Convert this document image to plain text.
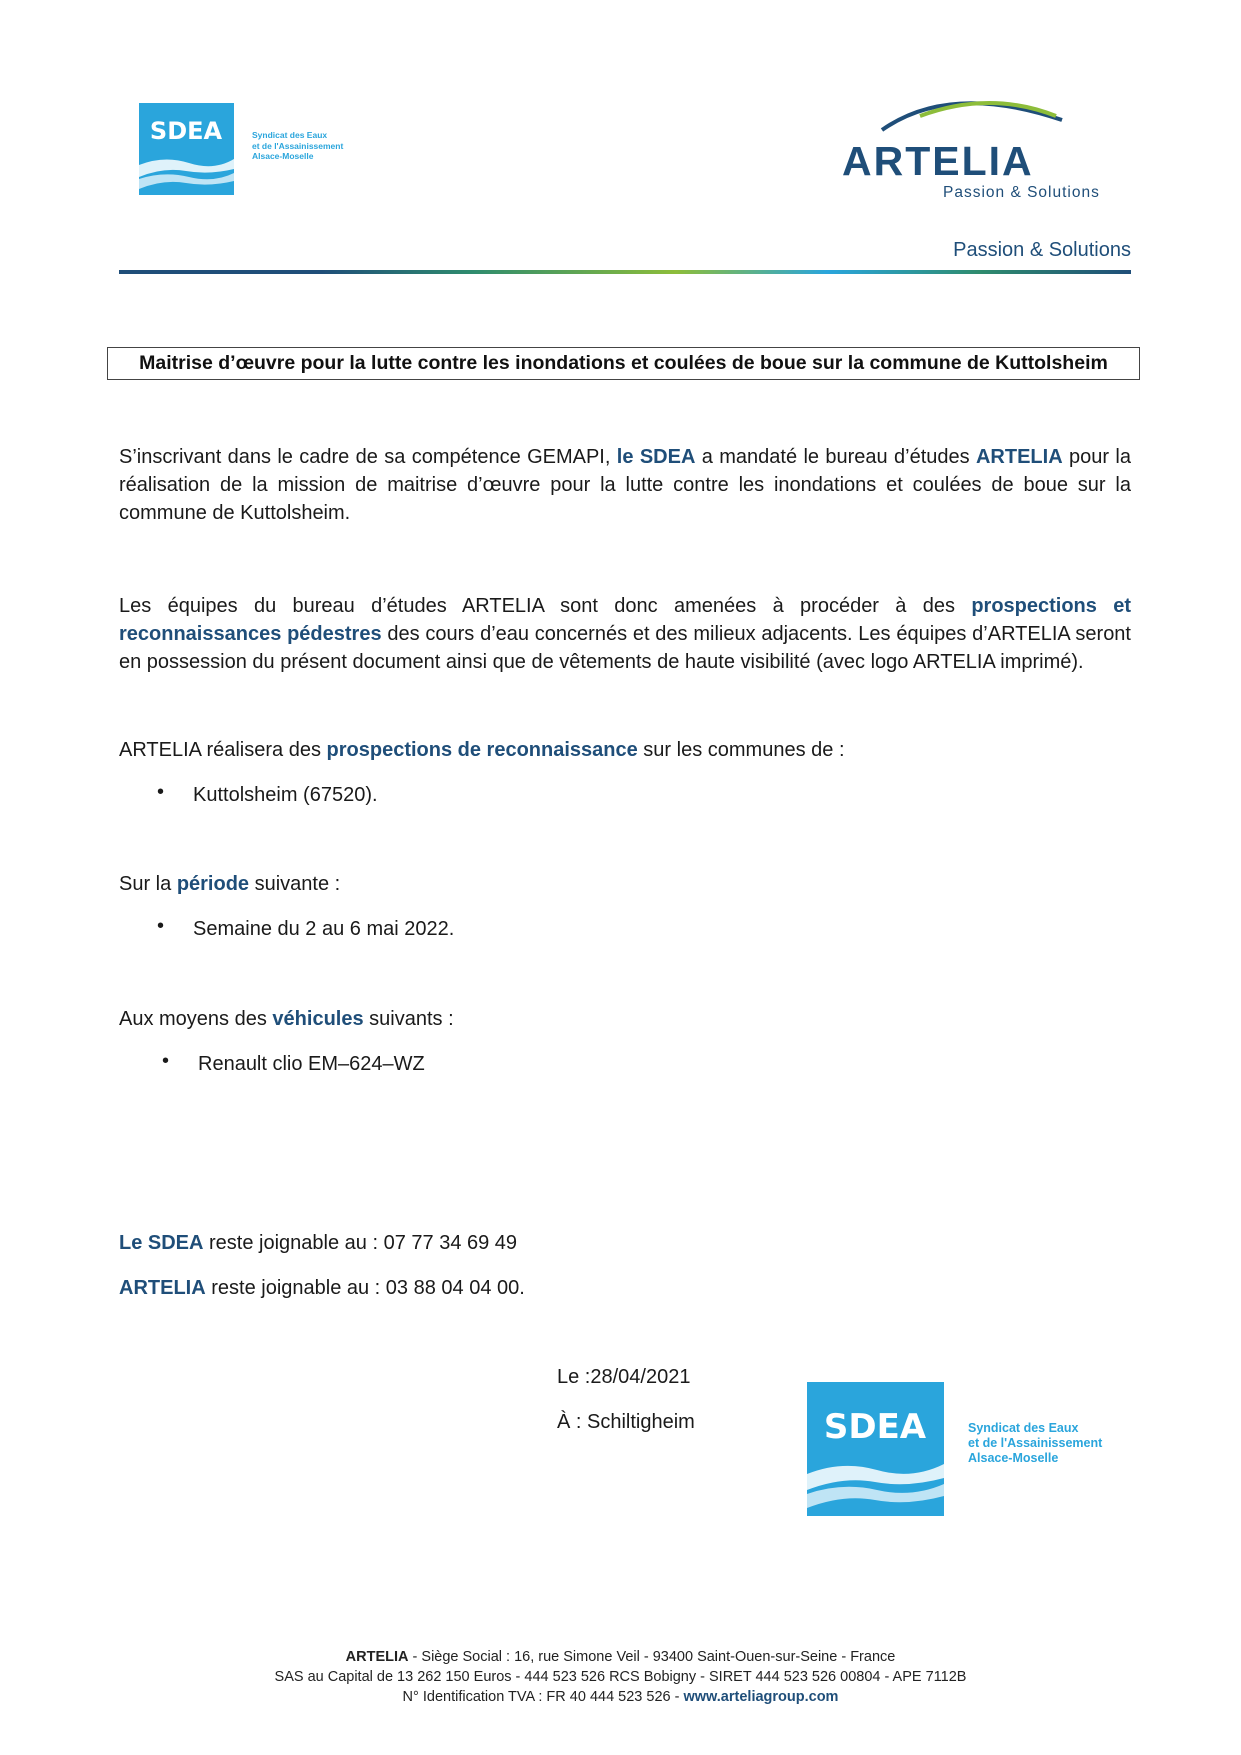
SDEA	Syndicat des Eaux
et de l'Assainissement
Alsace-Moselle	ARTELIA
Passion & Solutions
Passion & Solutions
Maitrise d’œuvre pour la lutte contre les inondations et coulées de boue sur la commune de Kuttolsheim
S’inscrivant dans le cadre de sa compétence GEMAPI, le SDEA a mandaté le bureau d’études ARTELIA pour la réalisation de la mission de maitrise d’œuvre pour la lutte contre les inondations et coulées de boue sur la commune de Kuttolsheim.
Les équipes du bureau d’études ARTELIA sont donc amenées à procéder à des prospections et reconnaissances pédestres des cours d’eau concernés et des milieux adjacents. Les équipes d’ARTELIA seront en possession du présent document ainsi que de vêtements de haute visibilité (avec logo ARTELIA imprimé).
ARTELIA réalisera des prospections de reconnaissance sur les communes de :
• Kuttolsheim (67520).
Sur la période suivante :
• Semaine du 2 au 6 mai 2022.
Aux moyens des véhicules suivants :
• Renault clio EM–624–WZ
Le SDEA reste joignable au : 07 77 34 69 49
ARTELIA reste joignable au : 03 88 04 04 00.
Le :28/04/2021
À : Schiltigheim	SDEA	Syndicat des Eaux
et de l'Assainissement
Alsace-Moselle
ARTELIA - Siège Social : 16, rue Simone Veil - 93400 Saint-Ouen-sur-Seine - France
SAS au Capital de 13 262 150 Euros - 444 523 526 RCS Bobigny - SIRET 444 523 526 00804 - APE 7112B
N° Identification TVA : FR 40 444 523 526 - www.arteliagroup.com
